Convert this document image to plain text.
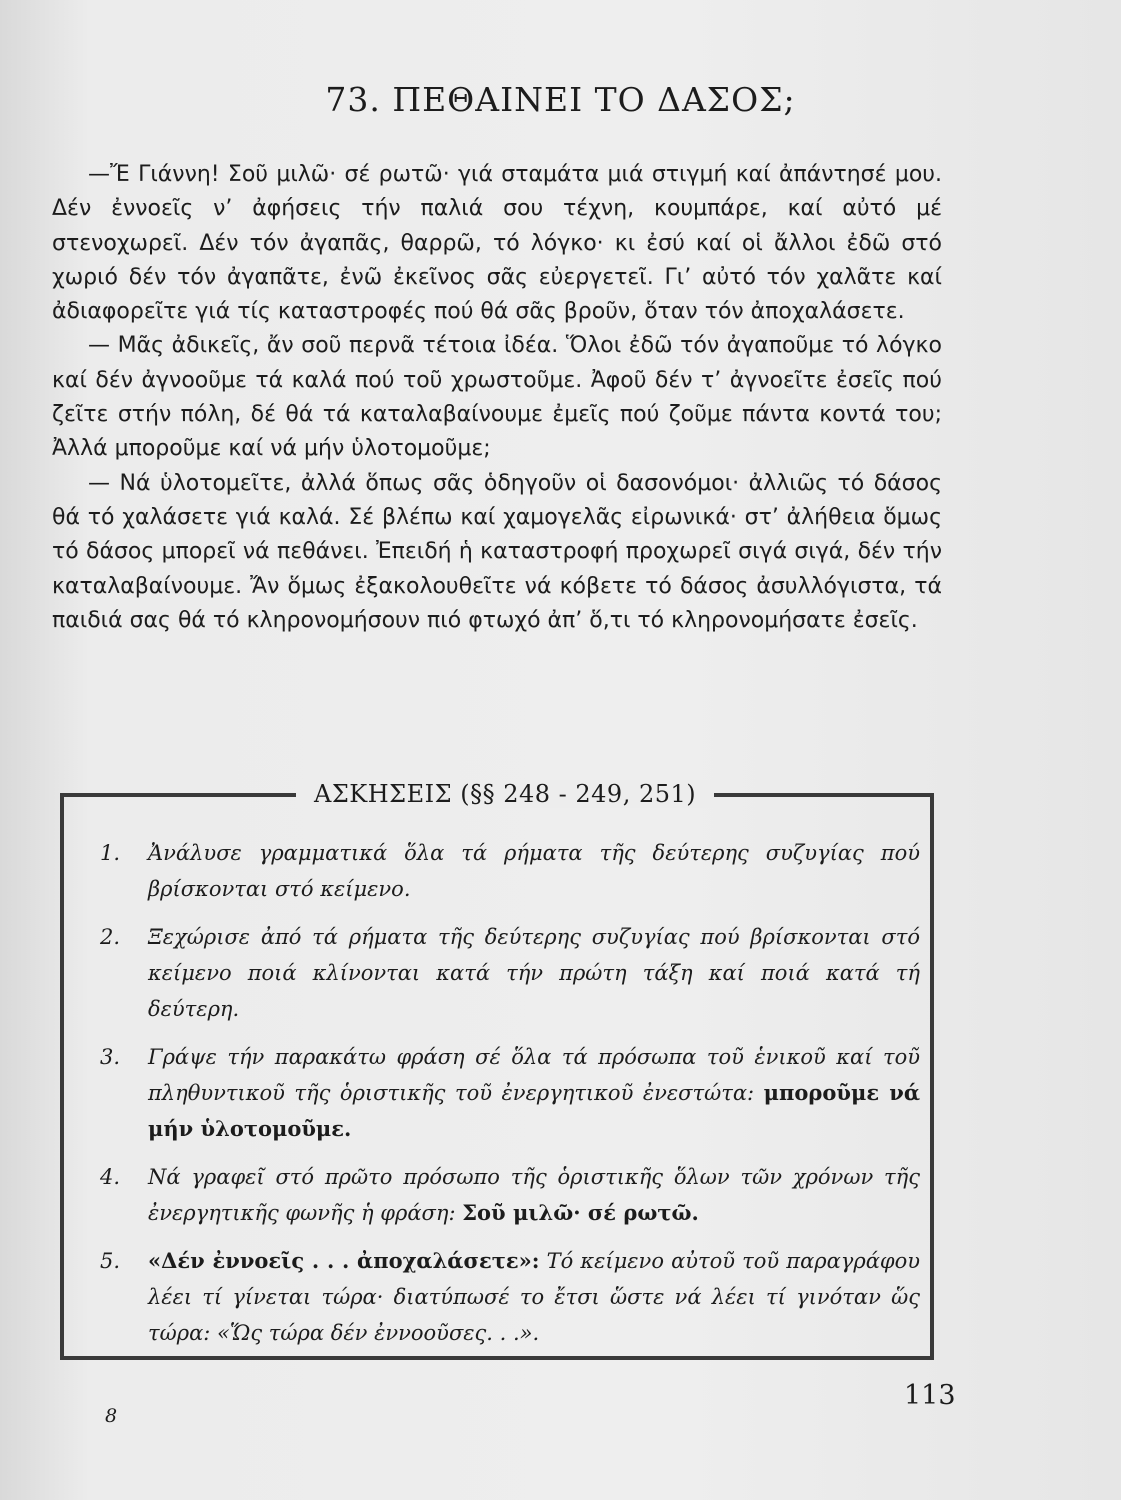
73. ΠΕΘΑΙΝΕΙ ΤΟ ΔΑΣΟΣ;

—Ἔ Γιάννη! Σοῦ μιλῶ· σέ ρωτῶ· γιά σταμάτα μιά στιγμή καί ἀπάντησέ μου. Δέν ἐννοεῖς ν’ ἀφήσεις τήν παλιά σου τέχνη, κουμπάρε, καί αὐτό μέ στενοχωρεῖ. Δέν τόν ἀγαπᾶς, θαρρῶ, τό λόγκο· κι ἐσύ καί οἱ ἄλλοι ἐδῶ στό χωριό δέν τόν ἀγαπᾶτε, ἐνῶ ἐκεῖνος σᾶς εὐεργετεῖ. Γι’ αὐτό τόν χαλᾶτε καί ἀδιαφορεῖτε γιά τίς καταστροφές πού θά σᾶς βροῦν, ὅταν τόν ἀποχαλάσετε.

— Μᾶς ἀδικεῖς, ἄν σοῦ περνᾶ τέτοια ἰδέα. Ὅλοι ἐδῶ τόν ἀγαποῦμε τό λόγκο καί δέν ἀγνοοῦμε τά καλά πού τοῦ χρωστοῦμε. Ἀφοῦ δέν τ’ ἀγνοεῖτε ἐσεῖς πού ζεῖτε στήν πόλη, δέ θά τά καταλαβαίνουμε ἐμεῖς πού ζοῦμε πάντα κοντά του; Ἀλλά μποροῦμε καί νά μήν ὑλοτομοῦμε;

— Νά ὑλοτομεῖτε, ἀλλά ὅπως σᾶς ὁδηγοῦν οἱ δασονόμοι· ἀλλιῶς τό δάσος θά τό χαλάσετε γιά καλά. Σέ βλέπω καί χαμογελᾶς εἰρωνικά· στ’ ἀλήθεια ὅμως τό δάσος μπορεῖ νά πεθάνει. Ἐπειδή ἡ καταστροφή προχωρεῖ σιγά σιγά, δέν τήν καταλαβαίνουμε. Ἄν ὅμως ἐξακολουθεῖτε νά κόβετε τό δάσος ἀσυλλόγιστα, τά παιδιά σας θά τό κληρονομήσουν πιό φτωχό ἀπ’ ὅ,τι τό κληρονομήσατε ἐσεῖς.

ΑΣΚΗΣΕΙΣ (§§ 248 - 249, 251)
1. Ἀνάλυσε γραμματικά ὅλα τά ρήματα τῆς δεύτερης συζυγίας πού βρίσκονται στό κείμενο.
2. Ξεχώρισε ἀπό τά ρήματα τῆς δεύτερης συζυγίας πού βρίσκονται στό κείμενο ποιά κλίνονται κατά τήν πρώτη τάξη καί ποιά κατά τή δεύτερη.
3. Γράψε τήν παρακάτω φράση σέ ὅλα τά πρόσωπα τοῦ ἑνικοῦ καί τοῦ πληθυντικοῦ τῆς ὁριστικῆς τοῦ ἐνεργητικοῦ ἐνεστώτα: μποροῦμε νά μήν ὑλοτομοῦμε.
4. Νά γραφεῖ στό πρῶτο πρόσωπο τῆς ὁριστικῆς ὅλων τῶν χρόνων τῆς ἐνεργητικῆς φωνῆς ἡ φράση: Σοῦ μιλῶ· σέ ρωτῶ.
5. «Δέν ἐννοεῖς . . . ἀποχαλάσετε»: Τό κείμενο αὐτοῦ τοῦ παραγράφου λέει τί γίνεται τώρα· διατύπωσέ το ἔτσι ὥστε νά λέει τί γινόταν ὥς τώρα: «Ὥς τώρα δέν ἐννοοῦσες. . .».
8
113
